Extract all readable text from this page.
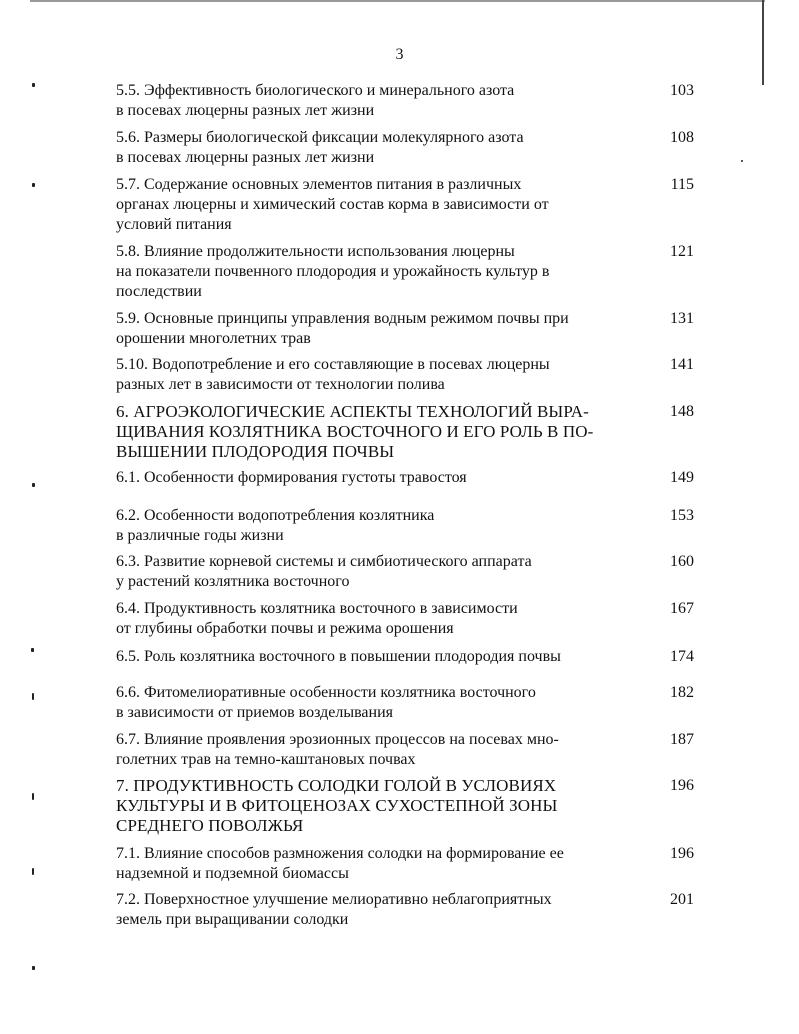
3
5.5. Эффективность биологического и минерального азота
в посевах люцерны разных лет жизни
103
5.6. Размеры биологической фиксации молекулярного азота
в посевах люцерны разных лет жизни
108
5.7. Содержание основных элементов питания в различных
органах люцерны и химический состав корма в зависимости от
условий питания
115
5.8. Влияние продолжительности использования люцерны
на показатели почвенного плодородия и урожайность культур в
последствии
121
5.9. Основные принципы управления водным режимом почвы при
орошении многолетних трав
131
5.10. Водопотребление и его составляющие в посевах люцерны
разных лет в зависимости от технологии полива
141
6. АГРОЭКОЛОГИЧЕСКИЕ АСПЕКТЫ ТЕХНОЛОГИЙ ВЫРА-
ЩИВАНИЯ КОЗЛЯТНИКА ВОСТОЧНОГО И ЕГО РОЛЬ В ПО-
ВЫШЕНИИ ПЛОДОРОДИЯ ПОЧВЫ
148
6.1. Особенности формирования густоты травостоя	149
6.2. Особенности водопотребления козлятника
в различные годы жизни
153
6.3. Развитие корневой системы и симбиотического аппарата
у растений козлятника восточного
160
6.4. Продуктивность козлятника восточного в зависимости
от глубины обработки почвы и режима орошения
167
6.5. Роль козлятника восточного в повышении плодородия почвы	174
6.6. Фитомелиоративные особенности козлятника восточного
в зависимости от приемов возделывания
182
6.7. Влияние проявления эрозионных процессов на посевах мно-
голетних трав на темно-каштановых почвах
187
7. ПРОДУКТИВНОСТЬ СОЛОДКИ ГОЛОЙ В УСЛОВИЯХ
КУЛЬТУРЫ И В ФИТОЦЕНОЗАХ СУХОСТЕПНОЙ ЗОНЫ
СРЕДНЕГО ПОВОЛЖЬЯ
196
7.1. Влияние способов размножения солодки на формирование ее
надземной и подземной биомассы
196
7.2. Поверхностное улучшение мелиоративно неблагоприятных
земель при выращивании солодки
201
